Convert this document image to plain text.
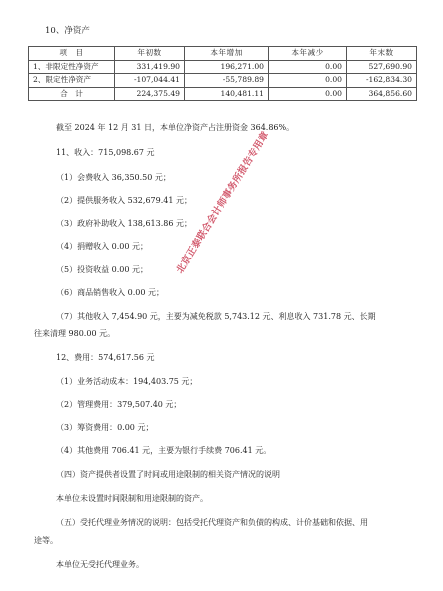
10、净资产
项　目	年初数	本年增加	本年减少	年末数
1、非限定性净资产	331,419.90	196,271.00	0.00	527,690.90
2、限定性净资产	-107,044.41	-55,789.89	0.00	-162,834.30
合　计	224,375.49	140,481.11	0.00	364,856.60
截至 2024 年 12 月 31 日，本单位净资产占注册资金 364.86%。
11、收入：715,098.67 元
（1）会费收入 36,350.50 元；
（2）提供服务收入 532,679.41 元；
（3）政府补助收入 138,613.86 元；
（4）捐赠收入 0.00 元；
（5）投资收益 0.00 元；
（6）商品销售收入 0.00 元；
（7）其他收入 7,454.90 元，主要为减免税款 5,743.12 元、利息收入 731.78 元、长期
往来清理 980.00 元。
12、费用：574,617.56 元
（1）业务活动成本：194,403.75 元；
（2）管理费用：379,507.40 元；
（3）筹资费用：0.00 元；
（4）其他费用 706.41 元，主要为银行手续费 706.41 元。
（四）资产提供者设置了时间或用途限制的相关资产情况的说明
本单位未设置时间限制和用途限制的资产。
（五）受托代理业务情况的说明：包括受托代理资产和负债的构成、计价基础和依据、用
途等。
本单位无受托代理业务。
北京正泰联合会计师事务所报告专用章
